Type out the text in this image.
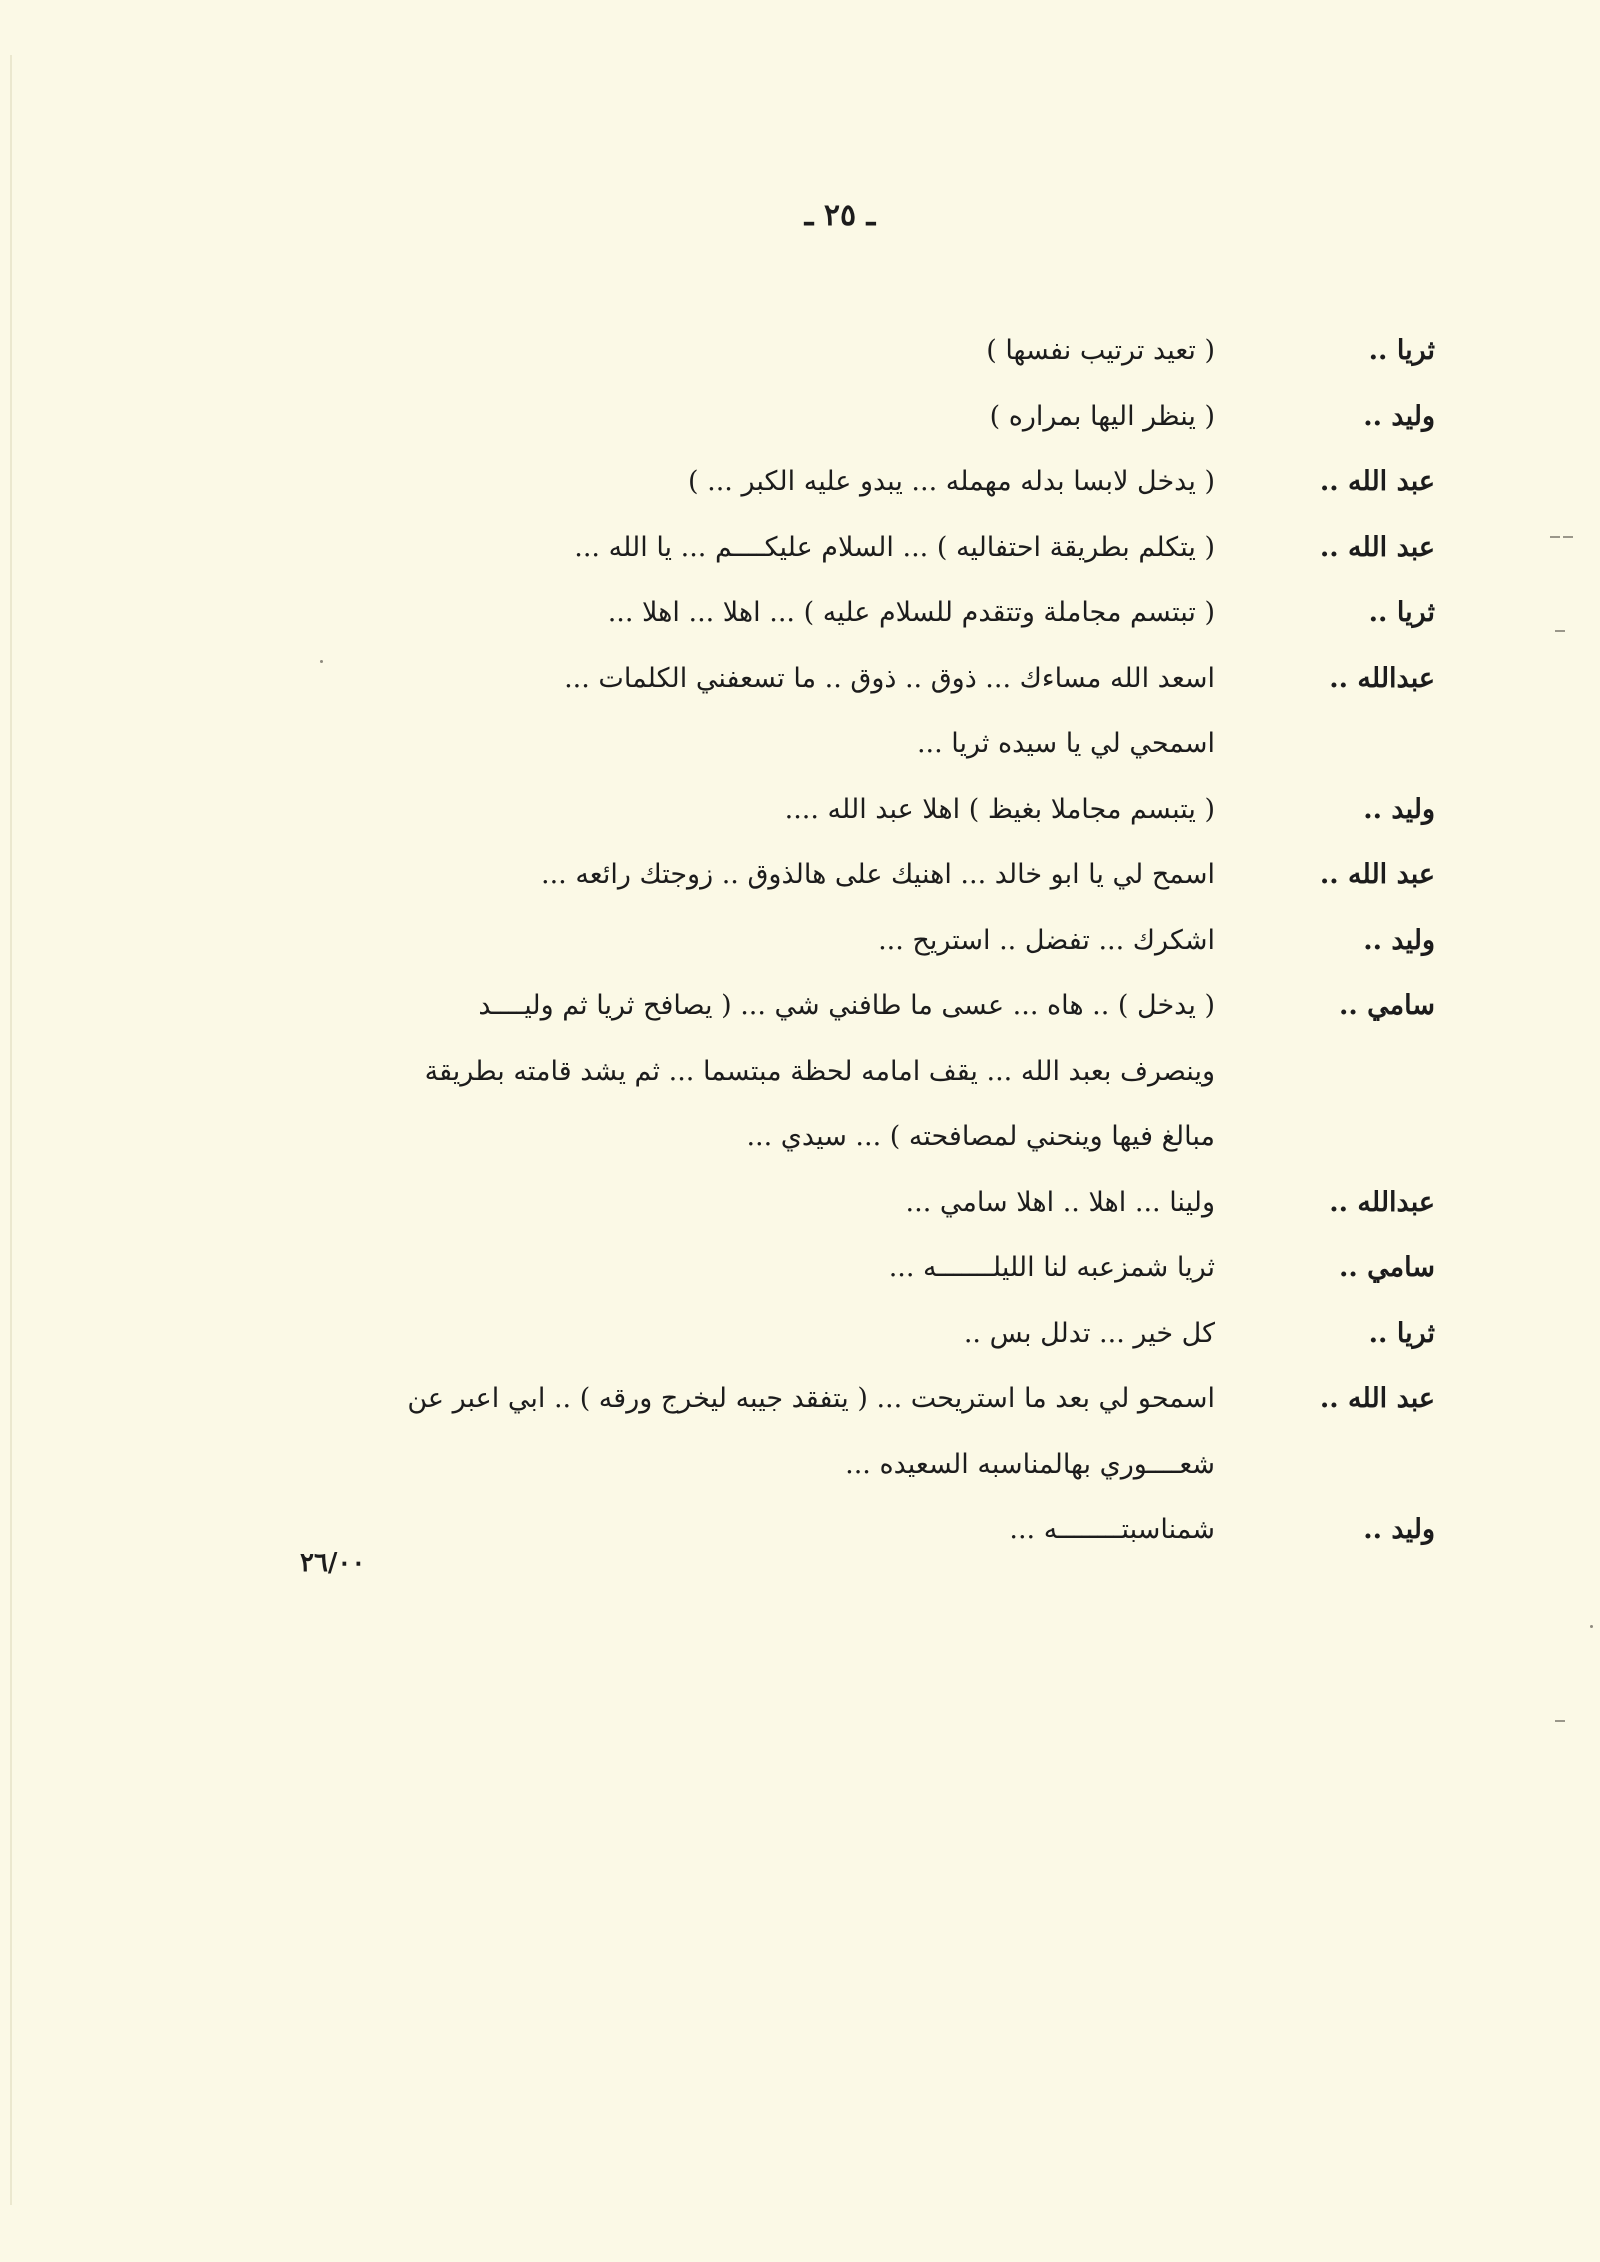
ـ ٢٥ ـ
ثريا ..
( تعيد ترتيب نفسها )
وليد ..
( ينظر اليها بمراره )
عبد الله ..
( يدخل لابسا بدله مهمله ... يبدو عليه الكبر ... )
عبد الله ..
( يتكلم بطريقة احتفاليه ) ... السلام عليكــــم ... يا الله ...
ثريا ..
( تبتسم مجاملة وتتقدم للسلام عليه ) ... اهلا ... اهلا ...
عبدالله ..
اسعد الله مساءك ... ذوق .. ذوق .. ما تسعفني الكلمات ...
اسمحي لي يا سيده ثريا ...
وليد ..
( يتبسم مجاملا بغيظ ) اهلا عبد الله ....
عبد الله ..
اسمح لي يا ابو خالد ... اهنيك على هالذوق .. زوجتك رائعه ...
وليد ..
اشكرك ... تفضل .. استريح ...
سامي ..
( يدخل ) .. هاه ... عسى ما طافني شي ... ( يصافح ثريا ثم وليــــد
وينصرف بعبد الله ... يقف امامه لحظة مبتسما ... ثم يشد قامته بطريقة
مبالغ فيها وينحني لمصافحته ) ... سيدي ...
عبدالله ..
ولينا ... اهلا .. اهلا سامي ...
سامي ..
ثريا شمزعبه لنا الليلـــــــه ...
ثريا ..
كل خير ... تدلل بس ..
عبد الله ..
اسمحو لي بعد ما استريحت ... ( يتفقد جيبه ليخرج ورقه ) .. ابي اعبر عن
شعــــوري بهالمناسبه السعيده ...
وليد ..
شمناسبتــــــــه ...
٢٦/٠٠
